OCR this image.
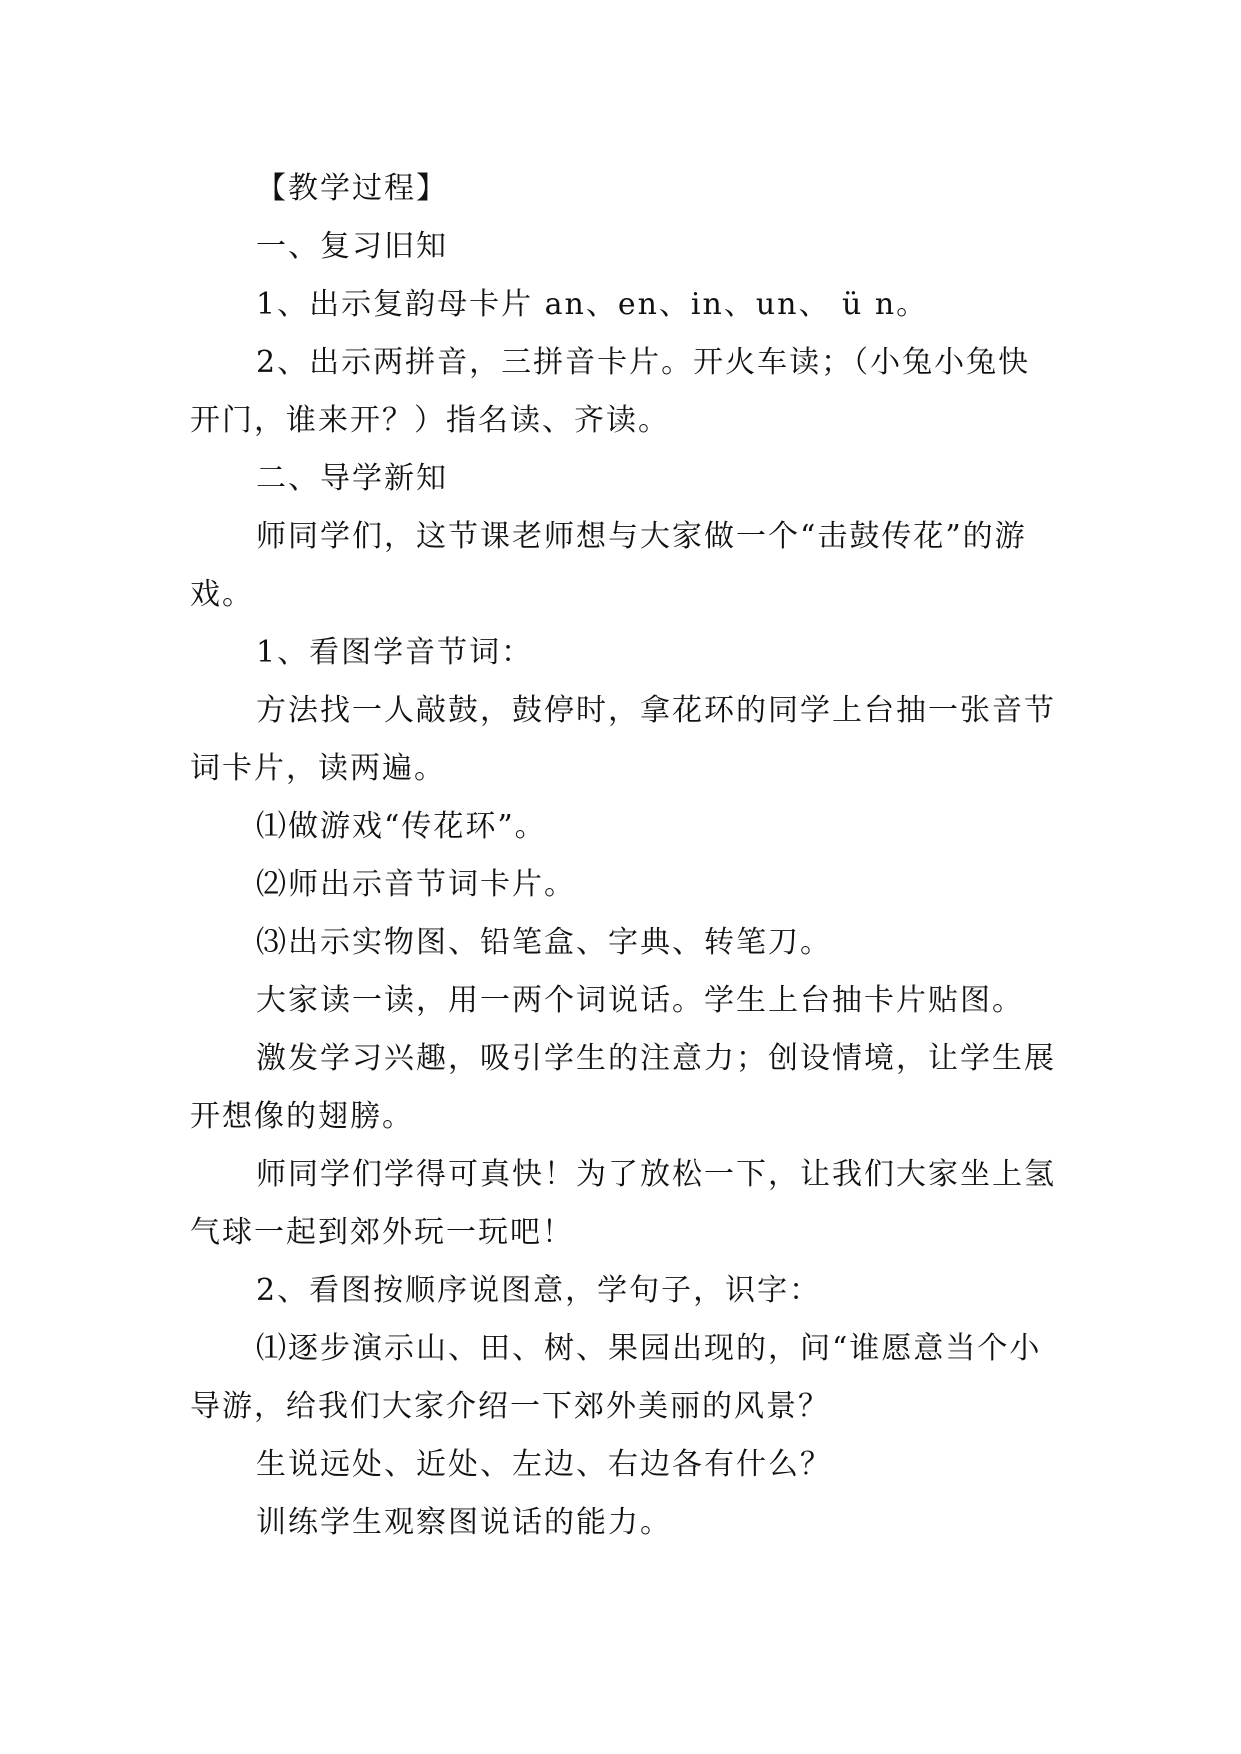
【教学过程】

一、复习旧知

1、出示复韵母卡片 an、en、in、un、 ü n。

2、出示两拼音，三拼音卡片。开火车读；（小兔小兔快开门，谁来开？）指名读、齐读。

二、导学新知

师同学们，这节课老师想与大家做一个“击鼓传花”的游戏。

1、看图学音节词：

方法找一人敲鼓，鼓停时，拿花环的同学上台抽一张音节词卡片，读两遍。

⑴做游戏“传花环”。

⑵师出示音节词卡片。

⑶出示实物图、铅笔盒、字典、转笔刀。

大家读一读，用一两个词说话。学生上台抽卡片贴图。

激发学习兴趣，吸引学生的注意力；创设情境，让学生展开想像的翅膀。

师同学们学得可真快！为了放松一下，让我们大家坐上氢气球一起到郊外玩一玩吧！

2、看图按顺序说图意，学句子，识字：

⑴逐步演示山、田、树、果园出现的，问“谁愿意当个小导游，给我们大家介绍一下郊外美丽的风景？

生说远处、近处、左边、右边各有什么？

训练学生观察图说话的能力。
